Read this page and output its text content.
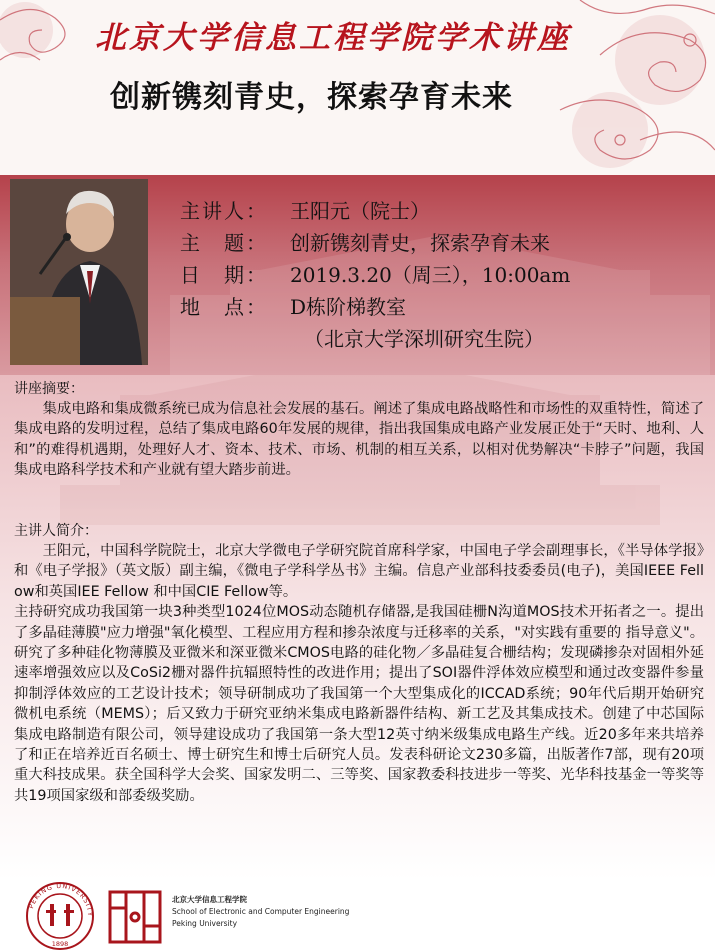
北京大学信息工程学院学术讲座
创新镌刻青史，探索孕育未来
主讲人：	王阳元（院士）
主　题：	创新镌刻青史，探索孕育未来
日　期：	2019.3.20（周三），10:00am
地　点：	D栋阶梯教室
（北京大学深圳研究生院）
讲座摘要：
集成电路和集成微系统已成为信息社会发展的基石。阐述了集成电路战略性和市场性的双重特性，简述了集成电路的发明过程，总结了集成电路60年发展的规律，指出我国集成电路产业发展正处于“天时、地利、人和”的难得机遇期，处理好人才、资本、技术、市场、机制的相互关系，以相对优势解决“卡脖子”问题，我国集成电路科学技术和产业就有望大踏步前进。
主讲人简介：
王阳元，中国科学院院士，北京大学微电子学研究院首席科学家，中国电子学会副理事长，《半导体学报》和《电子学报》（英文版）副主编，《微电子学科学丛书》主编。信息产业部科技委委员(电子)，美国IEEE Fellow和英国IEE Fellow 和中国CIE Fellow等。
主持研究成功我国第一块3种类型1024位MOS动态随机存储器,是我国硅栅N沟道MOS技术开拓者之一。提出了多晶硅薄膜"应力增强"氧化模型、工程应用方程和掺杂浓度与迁移率的关系，"对实践有重要的 指导意义"。研究了多种硅化物薄膜及亚微米和深亚微米CMOS电路的硅化物／多晶硅复合栅结构；发现磷掺杂对固相外延速率增强效应以及CoSi2栅对器件抗辐照特性的改进作用；提出了SOI器件浮体效应模型和通过改变器件参量抑制浮体效应的工艺设计技术；领导研制成功了我国第一个大型集成化的ICCAD系统；90年代后期开始研究微机电系统（MEMS）；后又致力于研究亚纳米集成电路新器件结构、新工艺及其集成技术。创建了中芯国际集成电路制造有限公司，领导建设成功了我国第一条大型12英寸纳米级集成电路生产线。近20多年来共培养了和正在培养近百名硕士、博士研究生和博士后研究人员。发表科研论文230多篇，出版著作7部，现有20项重大科技成果。获全国科学大会奖、国家发明二、三等奖、国家教委科技进步一等奖、光华科技基金一等奖等共19项国家级和部委级奖励。
PEKING UNIVERSITY
1898
北京大学信息工程学院
School of Electronic and Computer Engineering
Peking University
